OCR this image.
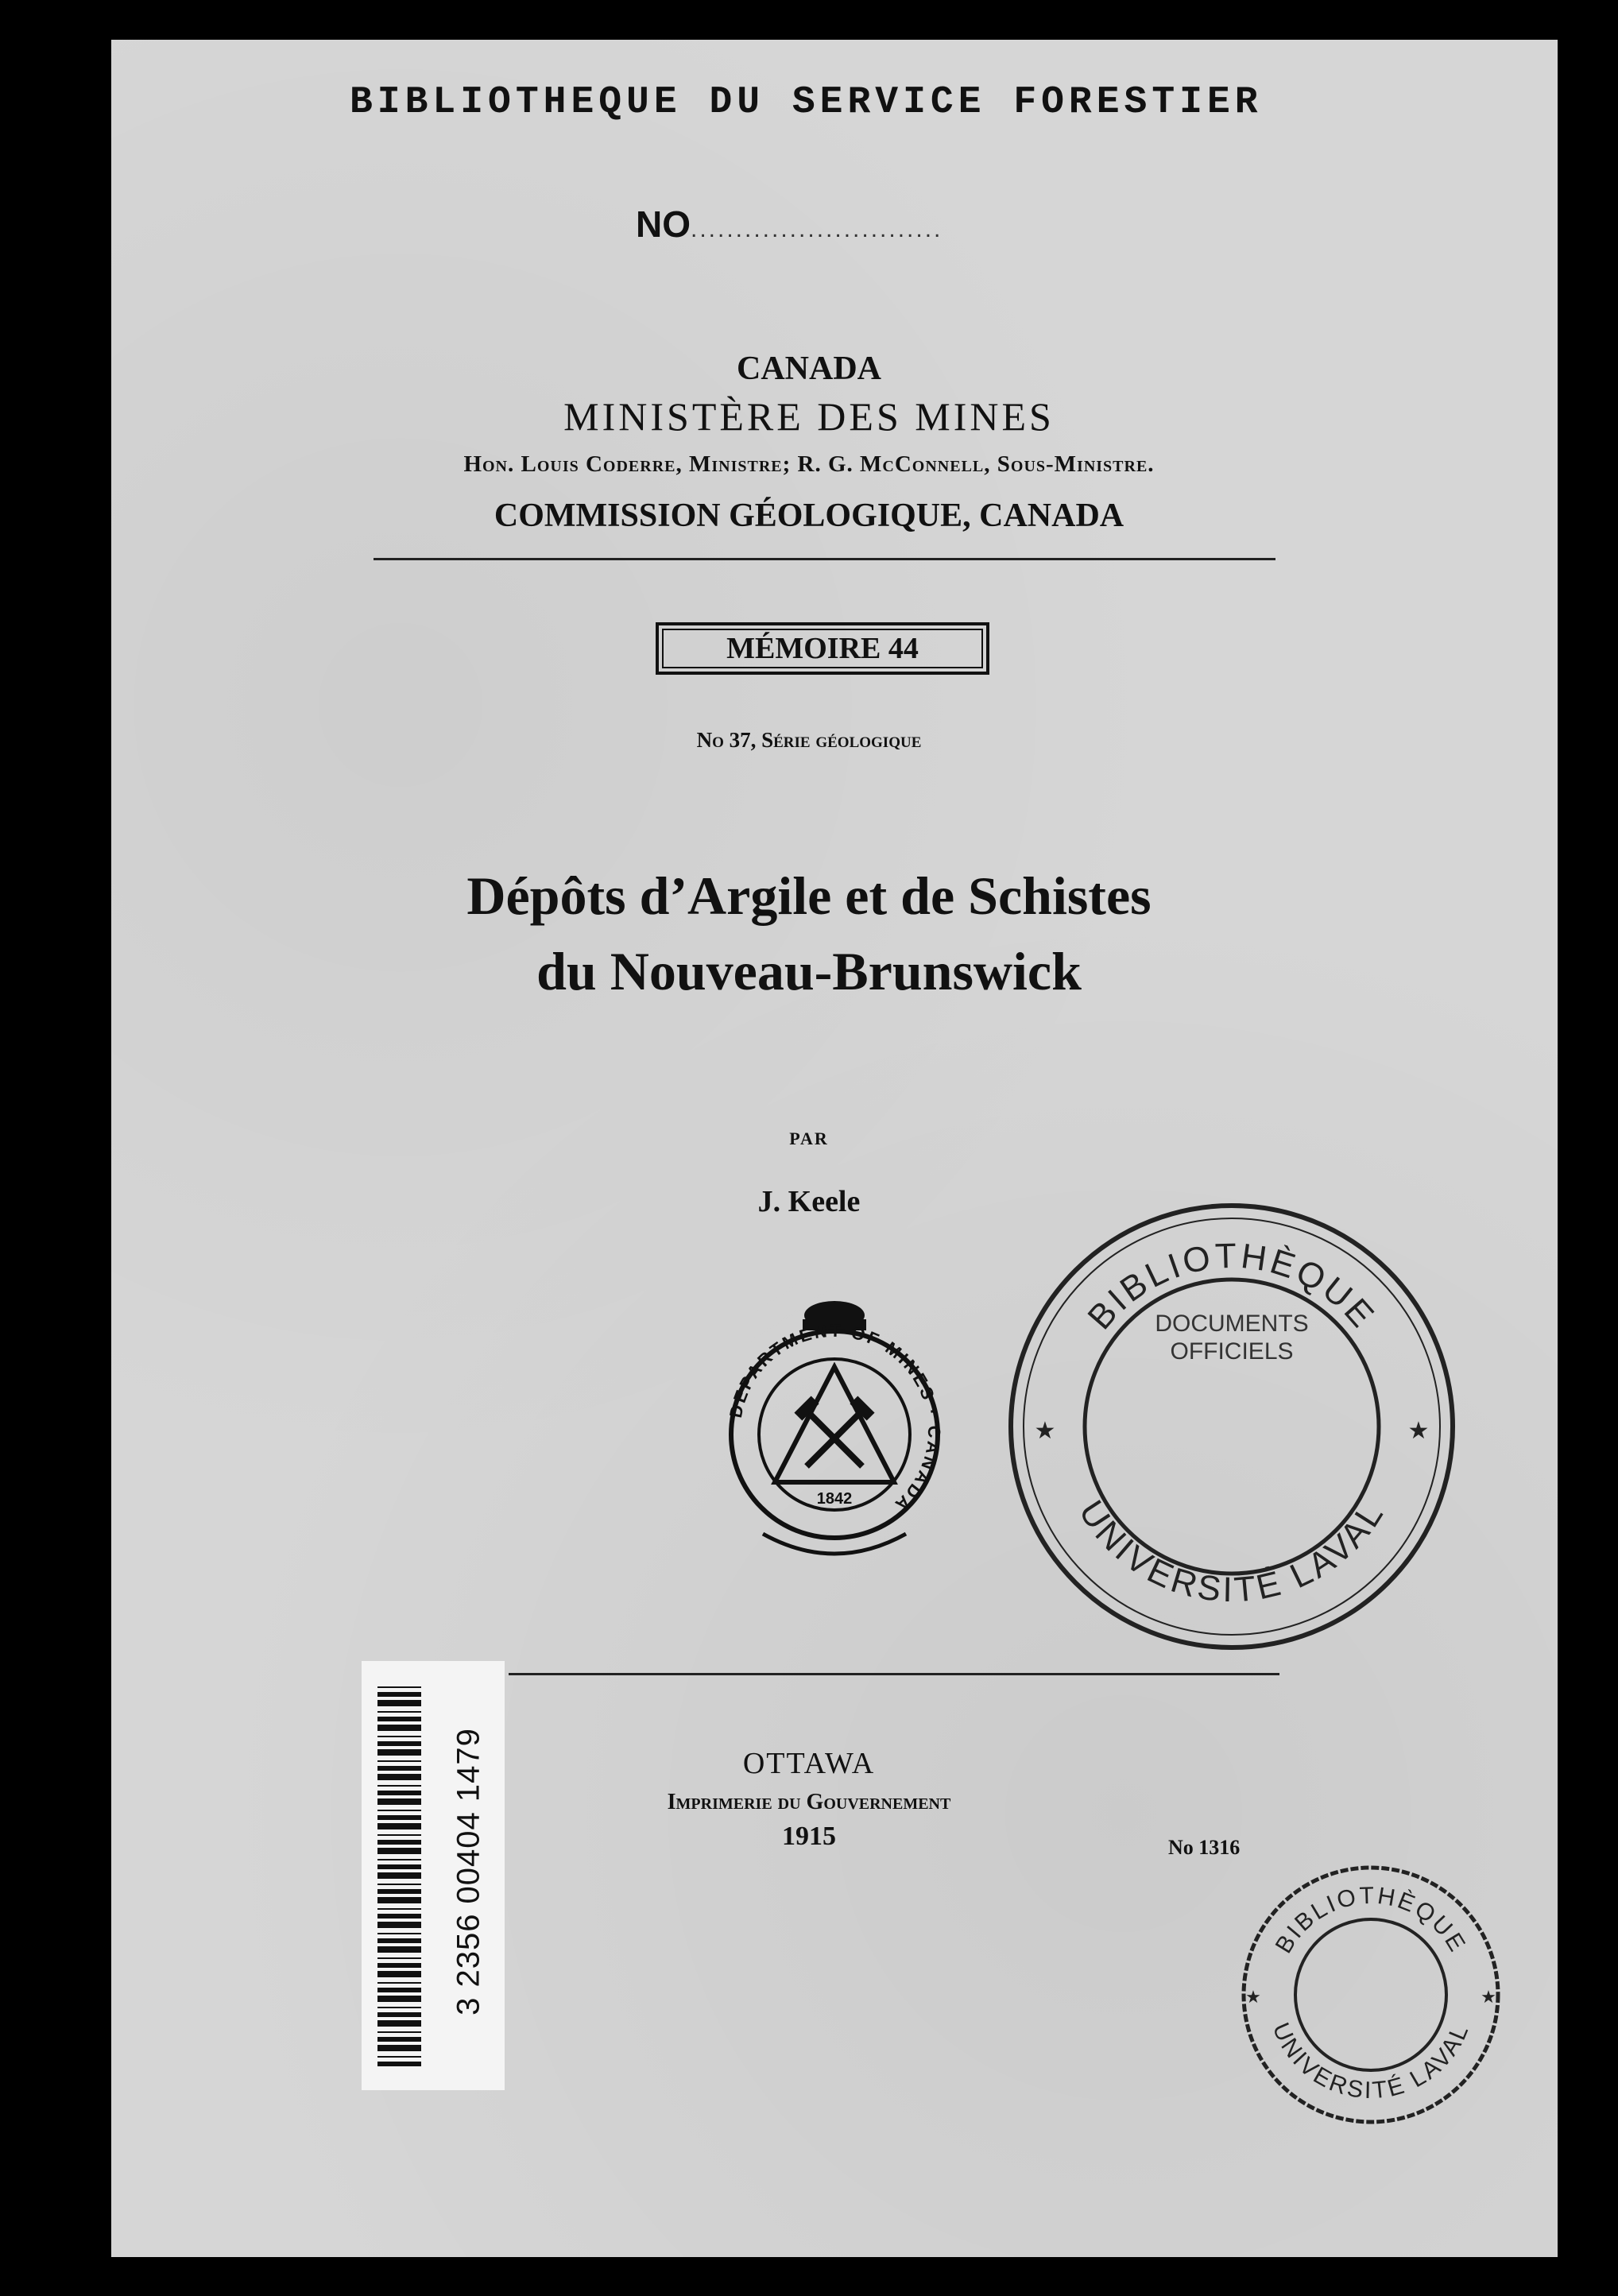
BIBLIOTHEQUE DU SERVICE FORESTIER
NO............................
CANADA
MINISTÈRE DES MINES
Hon. Louis Coderre, Ministre; R. G. McConnell, Sous-Ministre.
COMMISSION GÉOLOGIQUE, CANADA
MÉMOIRE 44
No 37, Série géologique
Dépôts d’Argile et de Schistes
du Nouveau-Brunswick
PAR
J. Keele
DEPARTMENT OF MINES · CANADA
1842
BIBLIOTHÈQUE
UNIVERSITÉ LAVAL
DOCUMENTS
OFFICIELS
★	★
OTTAWA
Imprimerie du Gouvernement
1915	No 1316
BIBLIOTHÈQUE
UNIVERSITÉ LAVAL
★	★
3 2356 00404 1479
